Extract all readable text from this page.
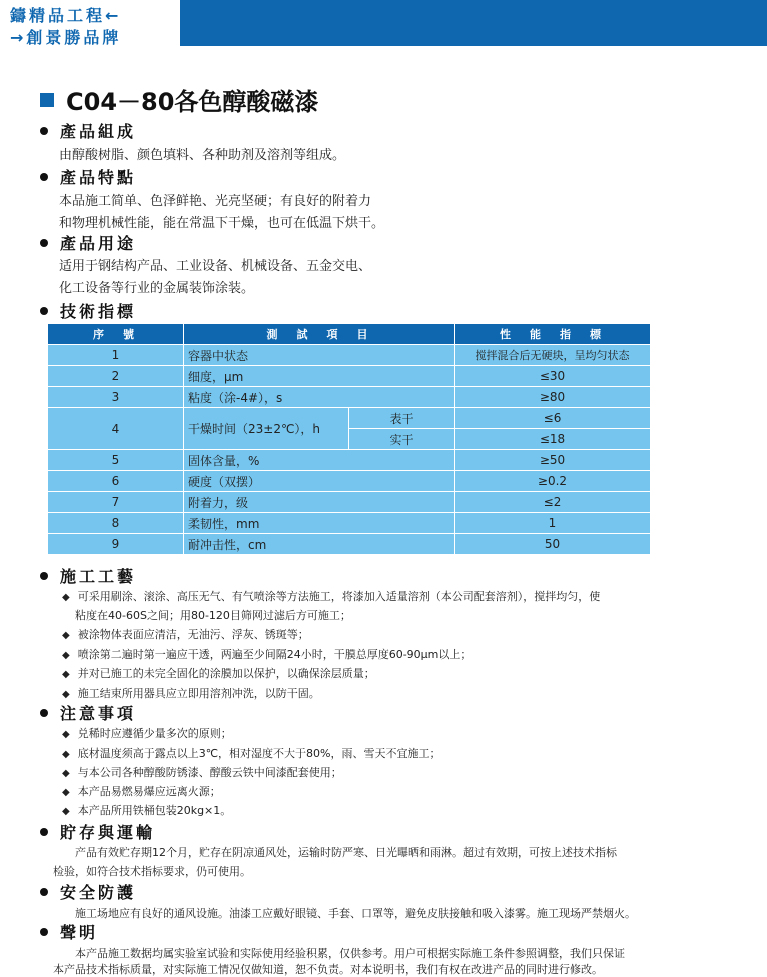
鑄精品工程←
→創景勝品牌
C04－80各色醇酸磁漆
產品組成
由醇酸树脂、颜色填料、各种助剂及溶剂等组成。
產品特點
本品施工简单、色泽鲜艳、光亮坚硬；有良好的附着力
和物理机械性能，能在常温下干燥，也可在低温下烘干。
產品用途
适用于钢结构产品、工业设备、机械设备、五金交电、
化工设备等行业的金属装饰涂装。
技術指標
序　號	測　試　項　目		性　能　指　標
1	容器中状态		搅拌混合后无硬块，呈均匀状态
2	细度，μm		≤30
3	粘度（涂-4#），s		≥80
4	干燥时间（23±2℃），h	表干	≤6
		实干	≤18
5	固体含量，%		≥50
6	硬度（双摆）		≥0.2
7	附着力，级		≤2
8	柔韧性，mm		1
9	耐冲击性，cm		50
施工工藝
◆ 可采用刷涂、滚涂、高压无气、有气喷涂等方法施工，将漆加入适量溶剂（本公司配套溶剂），搅拌均匀，使
粘度在40-60S之间；用80-120目筛网过滤后方可施工；
◆ 被涂物体表面应清洁，无油污、浮灰、锈斑等；
◆ 喷涂第二遍时第一遍应干透，两遍至少间隔24小时，干膜总厚度60-90μm以上；
◆ 并对已施工的未完全固化的涂膜加以保护，以确保涂层质量；
◆ 施工结束所用器具应立即用溶剂冲洗，以防干固。
注意事項
◆ 兑稀时应遵循少量多次的原则；
◆ 底材温度须高于露点以上3℃，相对湿度不大于80%，雨、雪天不宜施工；
◆ 与本公司各种醇酸防锈漆、醇酸云铁中间漆配套使用；
◆ 本产品易燃易爆应远离火源；
◆ 本产品所用铁桶包装20kg×1。
貯存與運輸
产品有效贮存期12个月，贮存在阴凉通风处，运输时防严寒、日光曝晒和雨淋。超过有效期，可按上述技术指标
检验，如符合技术指标要求，仍可使用。
安全防護
施工场地应有良好的通风设施。油漆工应戴好眼镜、手套、口罩等，避免皮肤接触和吸入漆雾。施工现场严禁烟火。
聲明
本产品施工数据均属实验室试验和实际使用经验积累，仅供参考。用户可根据实际施工条件参照调整，我们只保证
本产品技术指标质量，对实际施工情况仅做知道，恕不负责。对本说明书，我们有权在改进产品的同时进行修改。
